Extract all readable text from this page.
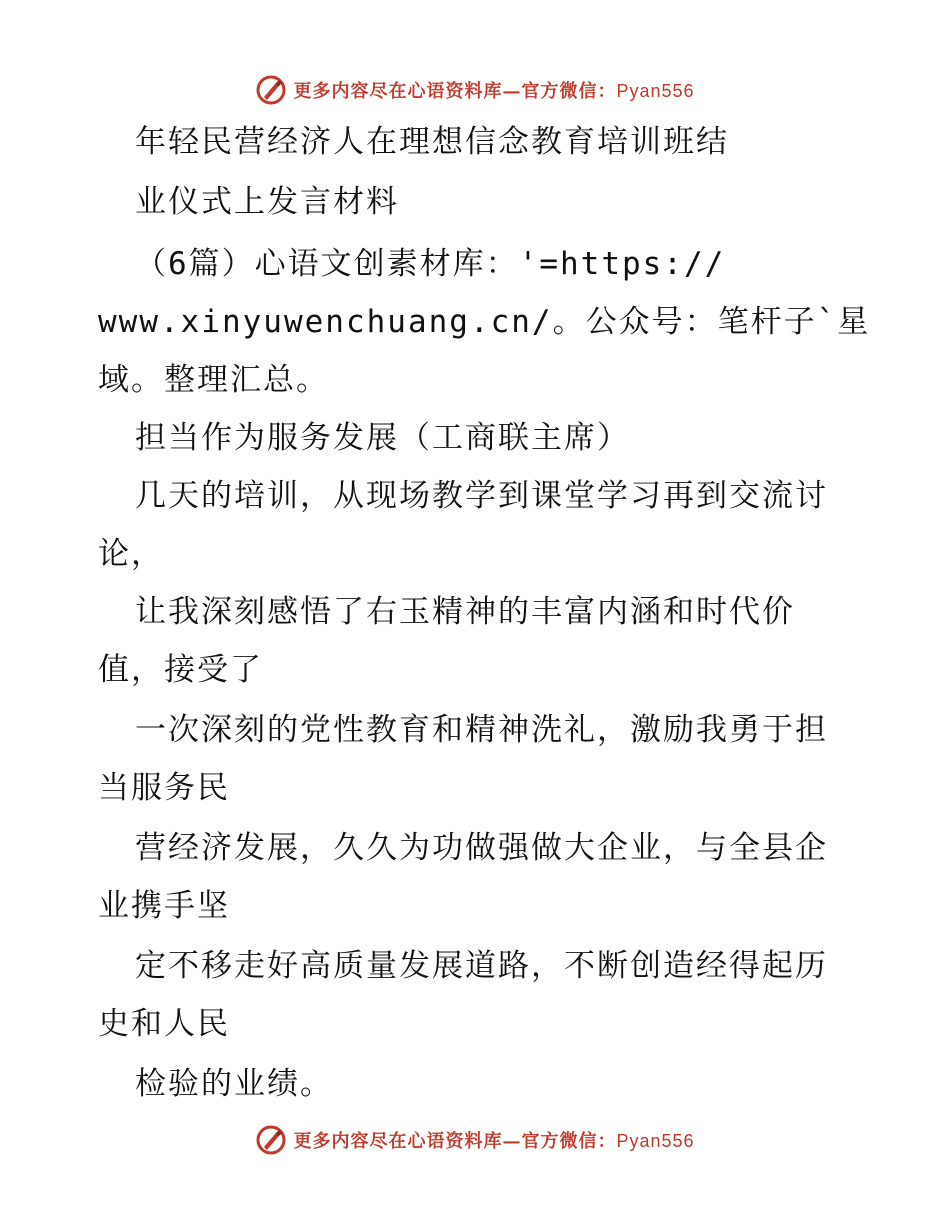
更多内容尽在心语资料库—官方微信：Pyan556
年轻民营经济人在理想信念教育培训班结
业仪式上发言材料
（6篇）心语文创素材库：'=https://
www.xinyuwenchuang.cn/。公众号：笔杆子`星
域。整理汇总。
担当作为服务发展（工商联主席）
几天的培训，从现场教学到课堂学习再到交流讨
论，
让我深刻感悟了右玉精神的丰富内涵和时代价
值，接受了
一次深刻的党性教育和精神洗礼，激励我勇于担
当服务民
营经济发展，久久为功做强做大企业，与全县企
业携手坚
定不移走好高质量发展道路，不断创造经得起历
史和人民
检验的业绩。
更多内容尽在心语资料库—官方微信：Pyan556
